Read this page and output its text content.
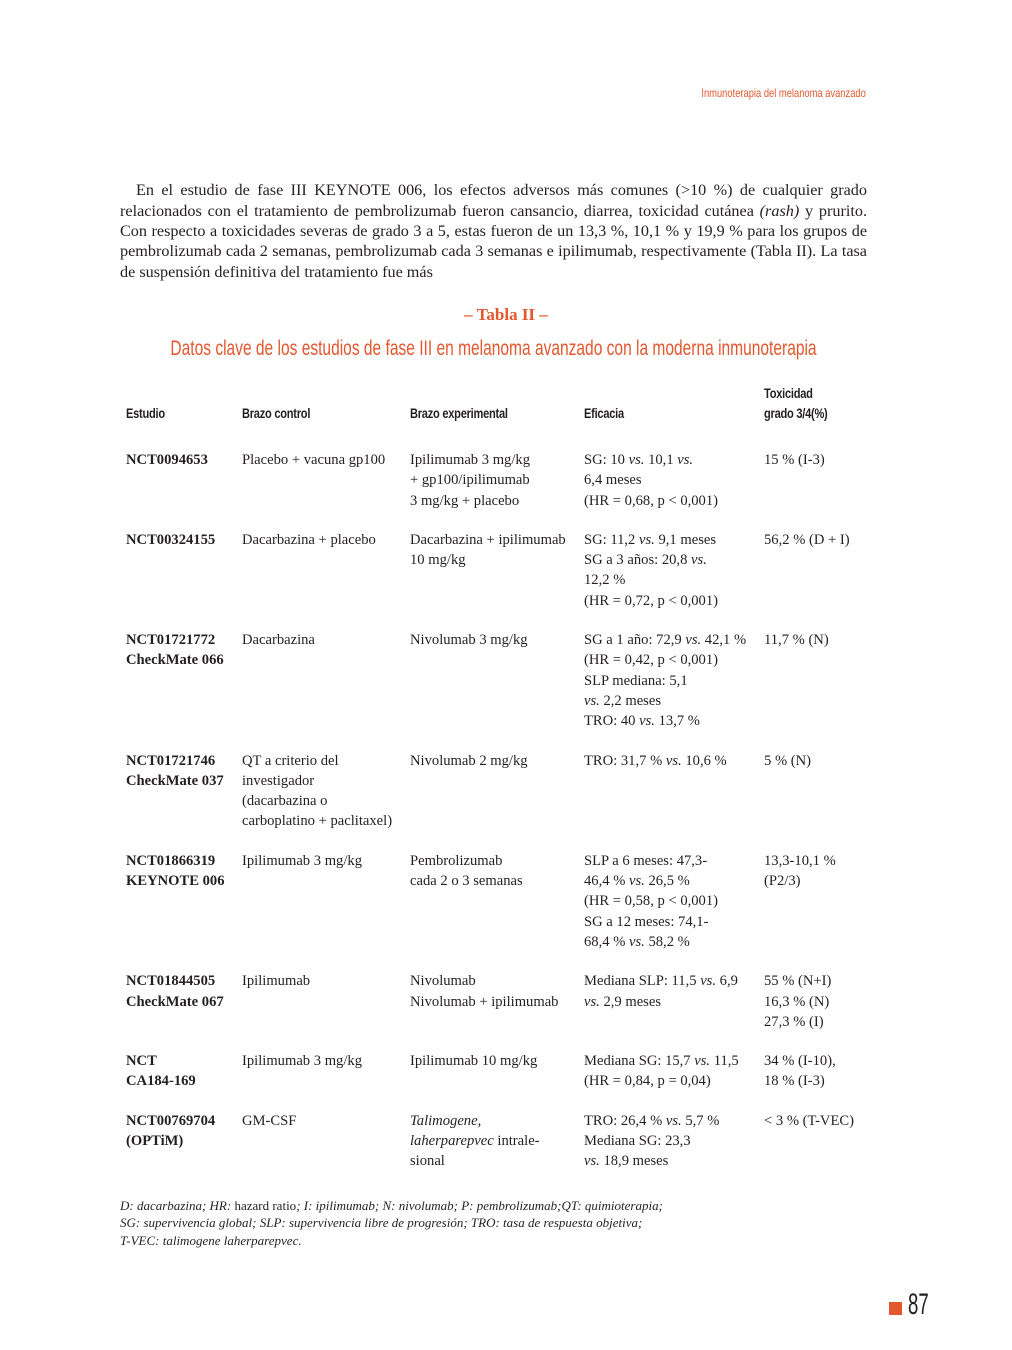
Inmunoterapia del melanoma avanzado

En el estudio de fase III KEYNOTE 006, los efectos adversos más comunes (>10 %) de cualquier grado relacionados con el tratamiento de pembrolizumab fueron cansancio, diarrea, toxicidad cutánea (rash) y prurito. Con respecto a toxicidades severas de grado 3 a 5, estas fueron de un 13,3 %, 10,1 % y 19,9 % para los grupos de pembrolizumab cada 2 semanas, pembrolizumab cada 3 semanas e ipilimumab, respectivamente (Tabla II). La tasa de suspensión definitiva del tratamiento fue más

– Tabla II –
Datos clave de los estudios de fase III en melanoma avanzado con la moderna inmunoterapia
Estudio	Brazo control	Brazo experimental	Eficacia	Toxicidad
grado 3/4(%)

NCT0094653	Placebo + vacuna gp100	Ipilimumab 3 mg/kg
+ gp100/ipilimumab
3 mg/kg + placebo	SG: 10 vs. 10,1 vs.
6,4 meses
(HR = 0,68, p < 0,001)	15 % (I-3)

NCT00324155	Dacarbazina + placebo	Dacarbazina + ipilimumab
10 mg/kg	SG: 11,2 vs. 9,1 meses
SG a 3 años: 20,8 vs.
12,2 %
(HR = 0,72, p < 0,001)	56,2 % (D + I)

NCT01721772
CheckMate 066	Dacarbazina	Nivolumab 3 mg/kg	SG a 1 año: 72,9 vs. 42,1 %
(HR = 0,42, p < 0,001)
SLP mediana: 5,1
vs. 2,2 meses
TRO: 40 vs. 13,7 %	11,7 % (N)

NCT01721746
CheckMate 037	QT a criterio del
investigador
(dacarbazina o
carboplatino + paclitaxel)	Nivolumab 2 mg/kg	TRO: 31,7 % vs. 10,6 %	5 % (N)

NCT01866319
KEYNOTE 006	Ipilimumab 3 mg/kg	Pembrolizumab
cada 2 o 3 semanas	SLP a 6 meses: 47,3-
46,4 % vs. 26,5 %
(HR = 0,58, p < 0,001)
SG a 12 meses: 74,1-
68,4 % vs. 58,2 %	13,3-10,1 %
(P2/3)

NCT01844505
CheckMate 067	Ipilimumab	Nivolumab
Nivolumab + ipilimumab	Mediana SLP: 11,5 vs. 6,9
vs. 2,9 meses	55 % (N+I)
16,3 % (N)
27,3 % (I)

NCT
CA184-169	Ipilimumab 3 mg/kg	Ipilimumab 10 mg/kg	Mediana SG: 15,7 vs. 11,5
(HR = 0,84, p = 0,04)	34 % (I-10),
18 % (I-3)

NCT00769704
(OPTiM)	GM-CSF	Talimogene,
laherparepvec intrale-
sional	TRO: 26,4 % vs. 5,7 %
Mediana SG: 23,3
vs. 18,9 meses	< 3 % (T-VEC)
D: dacarbazina; HR: hazard ratio; I: ipilimumab; N: nivolumab; P: pembrolizumab;QT: quimioterapia;
SG: supervivencia global; SLP: supervivencia libre de progresión; TRO: tasa de respuesta objetiva;
T-VEC: talimogene laherparepvec.
87
